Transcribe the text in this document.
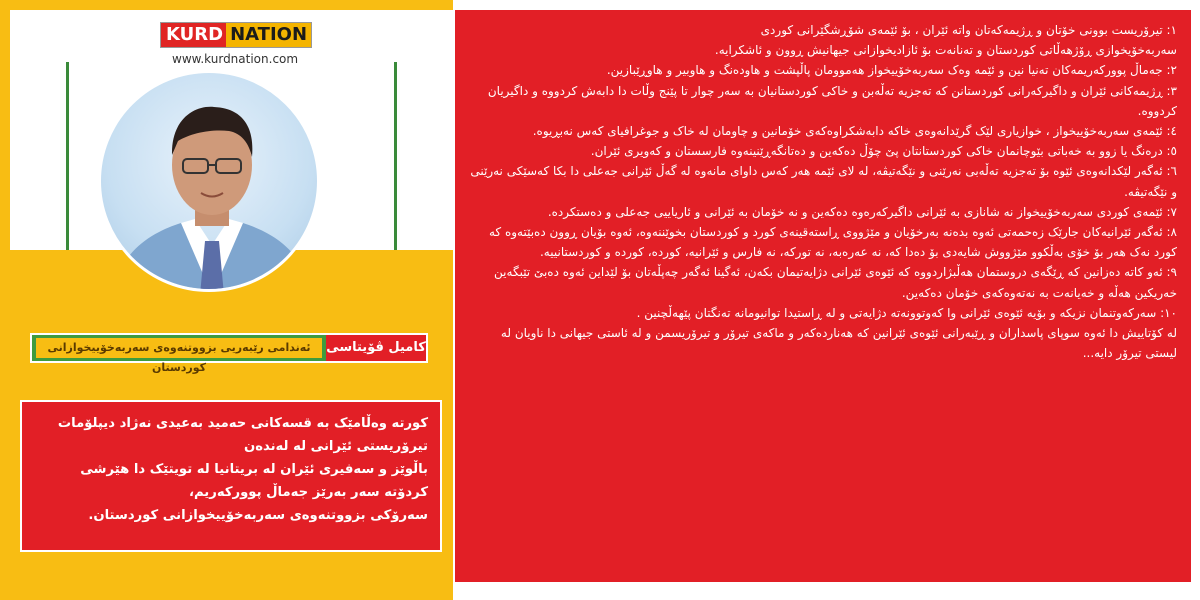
KURD NATION
www.kurdnation.com
ئەندامی رێبەریی بزووتنەوەی سەربەخۆییخوازانی کوردستان
كامیل ڤۆیتاسی
کورتە وەڵامێک بە قسەکانی حەمید بەعیدی نەژاد دیپلۆمات
تیرۆریستی ئێرانی لە لەندەن
باڵوێز و سەفیری ئێران لە بریتانیا لە تویتێک دا هێرشی
کردۆتە سەر بەرێز جەماڵ پوورکەریم،
سەرۆکی بزووتنەوەی سەربەخۆییخوازانی کوردستان.

١: تیرۆریست بوونی خۆتان و ڕژیمەکەتان واتە ئێران ، بۆ ئێمەی شۆڕشگێرانی کوردی

سەربەخۆیخوازی ڕۆژهەڵاتی کوردستان و تەنانەت بۆ ئازادیخوازانی جیهانیش ڕوون و ئاشکرایە.

٢: جەماڵ پوورکەریمەکان تەنیا نین و ئێمە وەک سەربەخۆییخواز هەموومان پاڵپشت و هاودەنگ و هاوبیر و هاوڕێبازین.

٣: ڕژیمەکانی ئێران و داگیرکەرانی کوردستانن کە تەجزیە تەڵەبن و خاکی کوردستانیان بە سەر چوار تا پێنج وڵات دا دابەش کردووە و داگیریان کردووە.

٤: ئێمەی سەربەخۆییخواز ، خوازیاری لێک گرێدانەوەی خاکە دابەشکراوەکەی خۆمانین و چاومان لە خاک و جوغرافیای کەس نەبڕیوە.

٥: درەنگ یا زوو بە خەباتی بێوچانمان خاکی کوردستانتان پێ چۆڵ دەکەین و دەتانگەڕێنینەوە فارسستان و کەویری ئێران.

٦: ئەگەر لێکدانەوەی ئێوە بۆ تەجزیە تەڵەبی نەرێنی و نێگەتیڤە، لە لای ئێمە هەر کەس داوای مانەوە لە گەڵ ئێرانی جەعلی دا بکا کەسێکی نەرێنی و نێگەتیڤە.

٧: ئێمەی کوردی سەربەخۆییخواز نە شانازی بە ئێرانی داگیرکەرەوە دەکەین و نە خۆمان بە ئێرانی و ئاریاییی جەعلی و دەستکردە.

٨: ئەگەر ئێرانیەکان جارێک زەحمەتی ئەوە بدەنە بەرخۆیان و مێژووی ڕاستەقینەی کورد و کوردستان بخوێننەوە، ئەوە بۆیان ڕوون دەبێتەوە کە کورد نەک هەر بۆ خۆی بەڵکوو مێژووش شایەدی بۆ دەدا کە، نە عەرەبە، نە تورکە، نە فارس و ئێرانیە، کوردە، کوردە و کوردستانییە.

٩: ئەو کاتە دەزانین کە ڕێگەی دروستمان هەڵبژاردووە کە ئێوەی ئێرانی دژایەتیمان بکەن، ئەگینا ئەگەر چەپڵەتان بۆ لێداین ئەوە دەبێ تێبگەین خەریکین هەڵە و خەیانەت بە نەتەوەکەی خۆمان دەکەین.

١٠: سەرکەوتنمان نزیکە و بۆیە ئێوەی ئێرانی وا کەوتوونەتە دژایەتی و لە ڕاستیدا توانیومانە تەنگتان پێهەڵچنین .

لە کۆتاییش دا ئەوە سوپای پاسداران و ڕێبەرانی ئێوەی ئێرانین کە هەناردەکەر و ماکەی تیرۆر و تیرۆریسمن و لە ئاستی جیهانی دا ناویان لە لیستی تیرۆر دایە...
